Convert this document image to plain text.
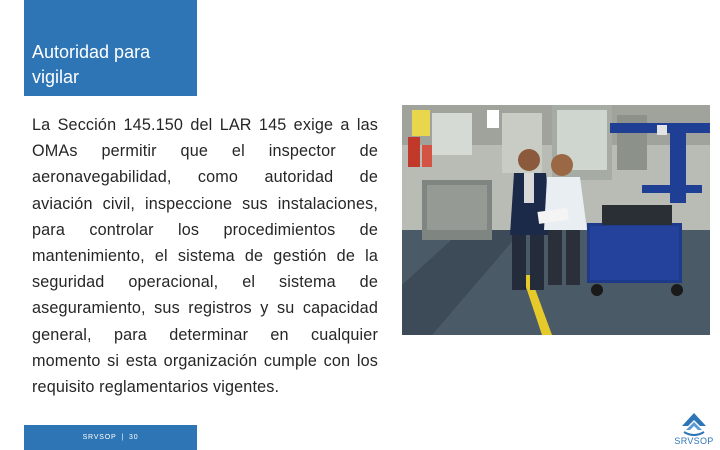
Autoridad para vigilar

La Sección 145.150 del LAR 145 exige a las OMAs permitir que el inspector de aeronavegabilidad, como autoridad de aviación civil, inspeccione sus instalaciones, para controlar los procedimientos de mantenimiento, el sistema de gestión de la seguridad operacional, el sistema de aseguramiento, sus registros y su capacidad general, para determinar en cualquier momento si esta organización cumple con los requisito reglamentarios vigentes.

SRVSOP | 30	SRVSOP
